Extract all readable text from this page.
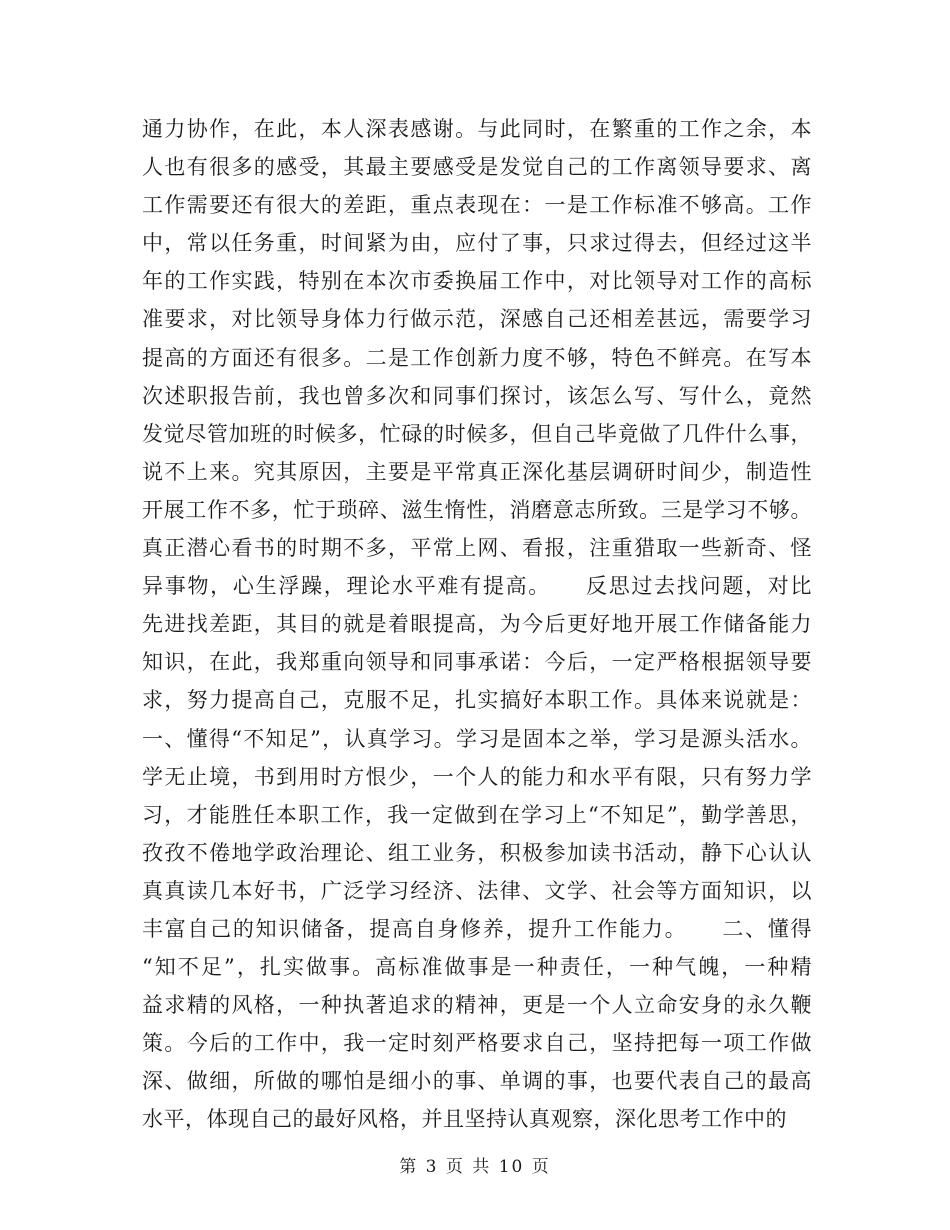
通力协作，在此，本人深表感谢。与此同时，在繁重的工作之余，本
人也有很多的感受，其最主要感受是发觉自己的工作离领导要求、离
工作需要还有很大的差距，重点表现在：一是工作标准不够高。工作
中，常以任务重，时间紧为由，应付了事，只求过得去，但经过这半
年的工作实践，特别在本次市委换届工作中，对比领导对工作的高标
准要求，对比领导身体力行做示范，深感自己还相差甚远，需要学习
提高的方面还有很多。二是工作创新力度不够，特色不鲜亮。在写本
次述职报告前，我也曾多次和同事们探讨，该怎么写、写什么，竟然
发觉尽管加班的时候多，忙碌的时候多，但自己毕竟做了几件什么事，
说不上来。究其原因，主要是平常真正深化基层调研时间少，制造性
开展工作不多，忙于琐碎、滋生惰性，消磨意志所致。三是学习不够。
真正潜心看书的时期不多，平常上网、看报，注重猎取一些新奇、怪
异事物，心生浮躁，理论水平难有提高。　　反思过去找问题，对比
先进找差距，其目的就是着眼提高，为今后更好地开展工作储备能力
知识，在此，我郑重向领导和同事承诺：今后，一定严格根据领导要
求，努力提高自己，克服不足，扎实搞好本职工作。具体来说就是：
一、懂得“不知足”，认真学习。学习是固本之举，学习是源头活水。
学无止境，书到用时方恨少，一个人的能力和水平有限，只有努力学
习，才能胜任本职工作，我一定做到在学习上“不知足”，勤学善思，
孜孜不倦地学政治理论、组工业务，积极参加读书活动，静下心认认
真真读几本好书，广泛学习经济、法律、文学、社会等方面知识，以
丰富自己的知识储备，提高自身修养，提升工作能力。　　二、懂得
“知不足”，扎实做事。高标准做事是一种责任，一种气魄，一种精
益求精的风格，一种执著追求的精神，更是一个人立命安身的永久鞭
策。今后的工作中，我一定时刻严格要求自己，坚持把每一项工作做
深、做细，所做的哪怕是细小的事、单调的事，也要代表自己的最高
水平，体现自己的最好风格，并且坚持认真观察，深化思考工作中的
第 3 页 共 10 页
